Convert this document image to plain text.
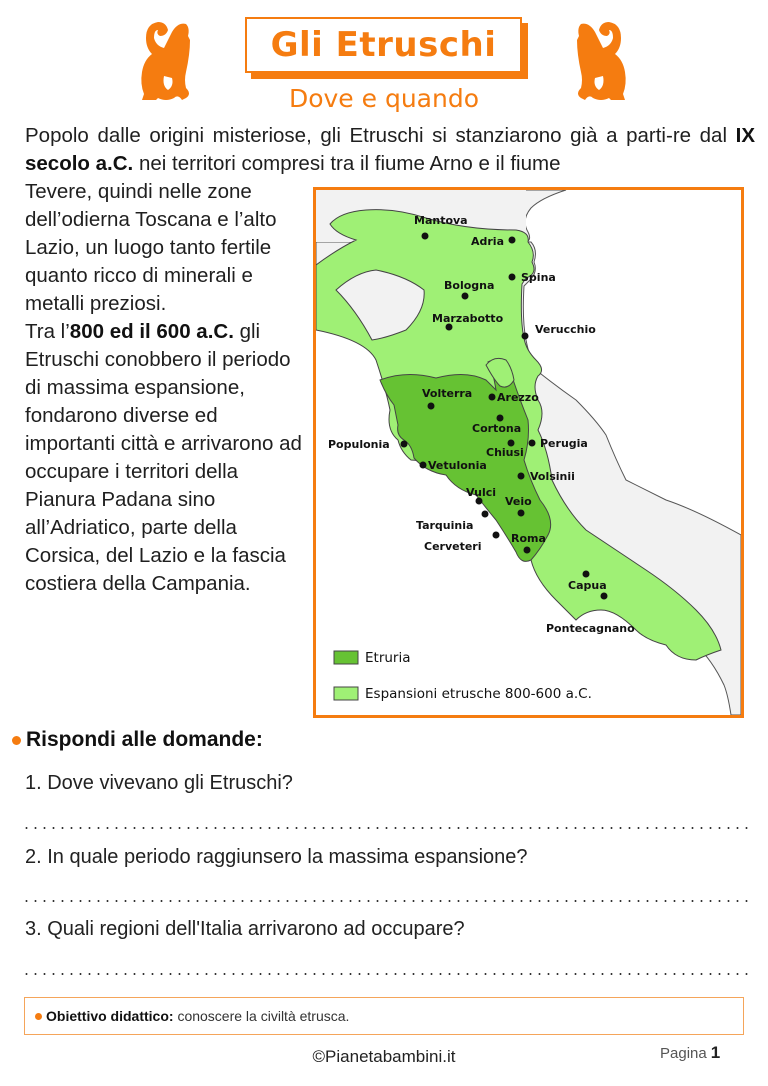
Gli Etruschi
Dove e quando
Popolo dalle origini misteriose, gli Etruschi si stanziarono già a parti-re dal IX secolo a.C. nei territori compresi tra il fiume Arno e il fiume
Tevere, quindi nelle zone dell’odierna Toscana e l’alto Lazio, un luogo tanto fertile quanto ricco di minerali e metalli preziosi.
Tra l’800 ed il 600 a.C. gli Etruschi conobbero il periodo di massima espansione, fondarono diverse ed importanti città e arrivarono ad occupare i territori della Pianura Padana sino all’Adriatico, parte della Corsica, del Lazio e la fascia costiera della Campania.
Mantova
Adria
Spina
Bologna
Marzabotto
Verucchio
Volterra Arezzo
Cortona
Populonia
Chiusi
Perugia
Vetulonia
Volsinii
Vulci
Veio
Tarquinia
Cerveteri
Roma
Capua
Pontecagnano
Etruria
Espansioni etrusche 800-600 a.C.
Rispondi alle domande:
1. Dove vivevano gli Etruschi?
2. In quale periodo raggiunsero la massima espansione?
3. Quali regioni dell'Italia arrivarono ad occupare?
Obiettivo didattico: conoscere la civiltà etrusca.
©Pianetabambini.it	Pagina 1
